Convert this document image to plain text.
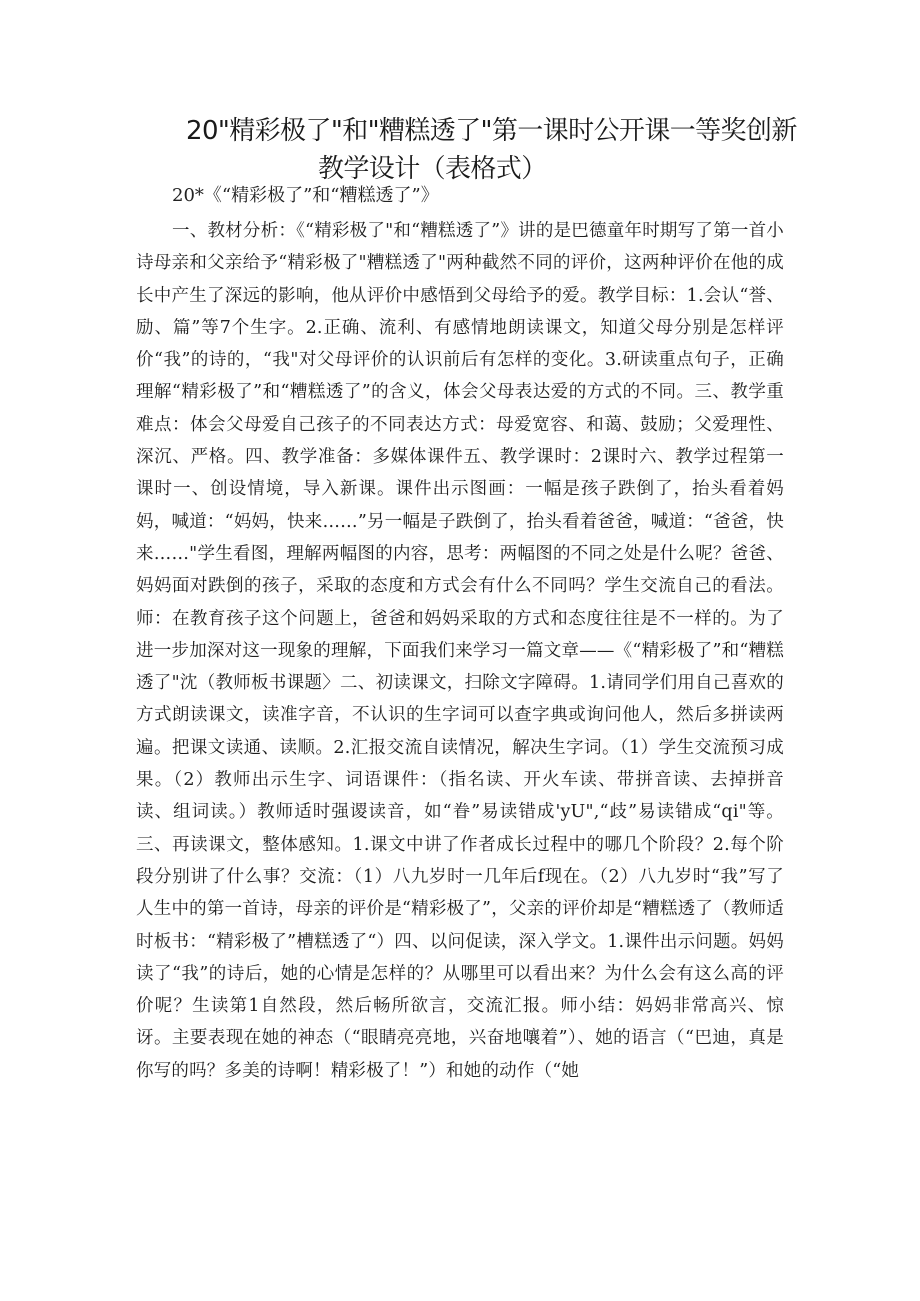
20"精彩极了"和"糟糕透了"第一课时公开课一等奖创新
教学设计（表格式）

20*《“精彩极了”和“糟糕透了”》

一、教材分析：《“精彩极了"和“糟糕透了”》讲的是巴德童年时期写了第一首小诗母亲和父亲给予“精彩极了"糟糕透了"两种截然不同的评价，这两种评价在他的成长中产生了深远的影响，他从评价中感悟到父母给予的爱。教学目标：1.会认“誉、励、篇”等7个生字。2.正确、流利、有感情地朗读课文，知道父母分别是怎样评价“我”的诗的，“我"对父母评价的认识前后有怎样的变化。3.研读重点句子，正确理解“精彩极了”和“糟糕透了”的含义，体会父母表达爱的方式的不同。三、教学重难点：体会父母爱自己孩子的不同表达方式：母爱宽容、和蔼、鼓励；父爱理性、深沉、严格。四、教学准备：多媒体课件五、教学课时：2课时六、教学过程第一课时一、创设情境，导入新课。课件出示图画：一幅是孩子跌倒了，抬头看着妈妈，喊道：“妈妈，快来……”另一幅是子跌倒了，抬头看着爸爸，喊道：“爸爸，快来……"学生看图，理解两幅图的内容，思考：两幅图的不同之处是什么呢？爸爸、妈妈面对跌倒的孩子，采取的态度和方式会有什么不同吗？学生交流自己的看法。师：在教育孩子这个问题上，爸爸和妈妈采取的方式和态度往往是不一样的。为了进一步加深对这一现象的理解，下面我们来学习一篇文章——《“精彩极了”和“糟糕透了"沈（教师板书课题〉二、初读课文，扫除文字障碍。1.请同学们用自己喜欢的方式朗读课文，读准字音，不认识的生字词可以查字典或询问他人，然后多拼读两遍。把课文读通、读顺。2.汇报交流自读情况，解决生字词。（1）学生交流预习成果。（2）教师出示生字、词语课件：（指名读、开火车读、带拼音读、去掉拼音读、组词读。）教师适时强谡读音，如“眷”易读错成'yU",“歧”易读错成“qi"等。三、再读课文，整体感知。1.课文中讲了作者成长过程中的哪几个阶段？2.每个阶段分别讲了什么事？交流：（1）八九岁时一几年后f现在。（2）八九岁时“我”写了人生中的第一首诗，母亲的评价是“精彩极了”，父亲的评价却是“糟糕透了（教师适时板书：“精彩极了”槽糕透了“）四、以问促读，深入学文。1.课件出示问题。妈妈读了“我”的诗后，她的心情是怎样的？从哪里可以看出来？为什么会有这么高的评价呢？生读第1自然段，然后畅所欲言，交流汇报。师小结：妈妈非常高兴、惊讶。主要表现在她的神态（“眼睛亮亮地，兴奋地嚷着”）、她的语言（“巴迪，真是你写的吗？多美的诗啊！精彩极了！”）和她的动作（“她
